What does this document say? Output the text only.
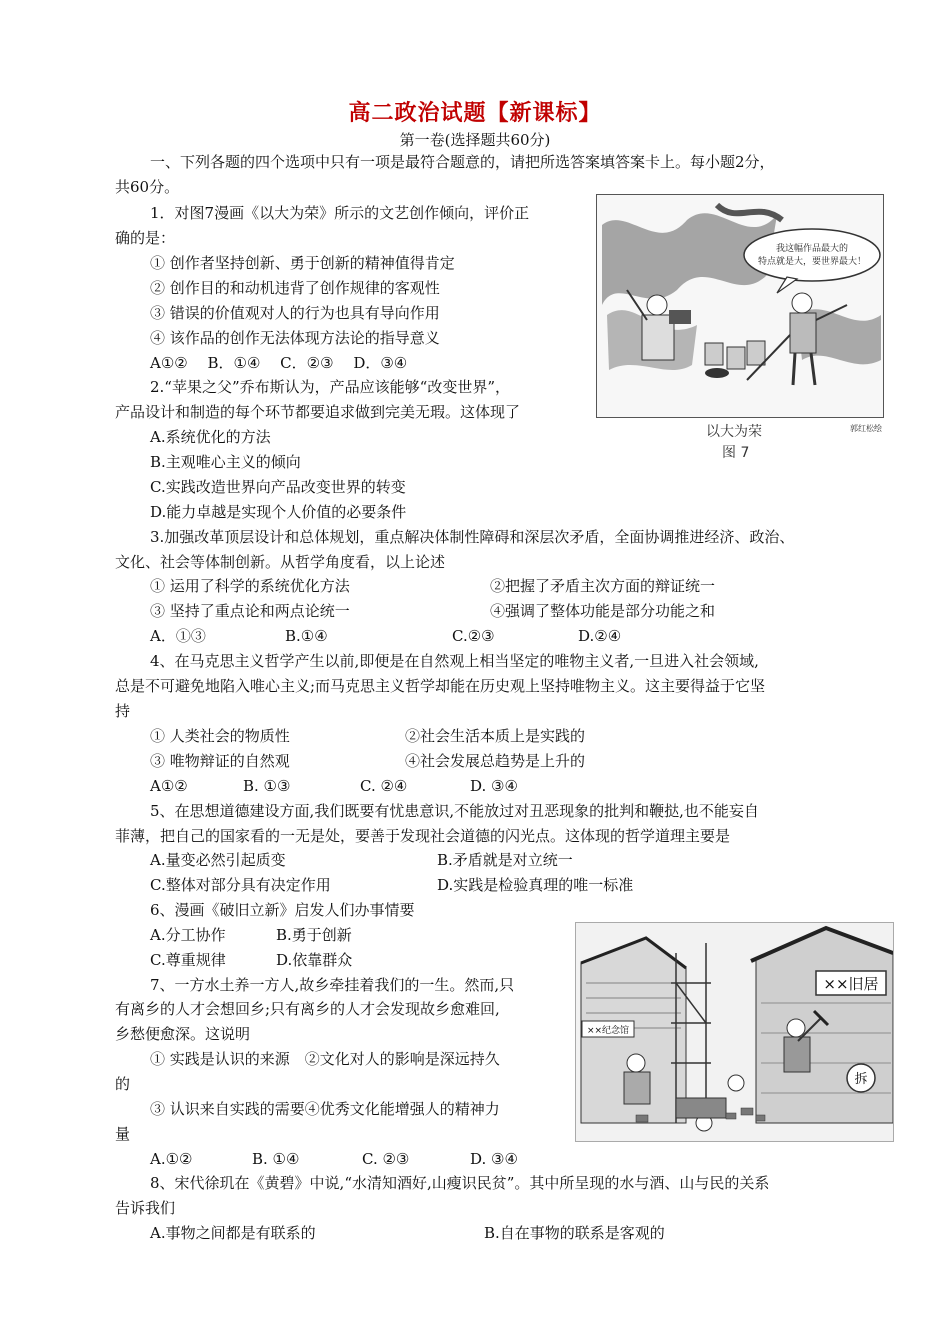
高二政治试题【新课标】
第一卷(选择题共60分)
一、下列各题的四个选项中只有一项是最符合题意的，请把所选答案填答案卡上。每小题2分，
共60分。
1．对图7漫画《以大为荣》所示的文艺创作倾向，评价正
确的是：
① 创作者坚持创新、勇于创新的精神值得肯定
② 创作目的和动机违背了创作规律的客观性
③ 错误的价值观对人的行为也具有导向作用
④ 该作品的创作无法体现方法论的指导意义
A①②　 B．①④　 C．②③　 D．③④
2.“苹果之父”乔布斯认为，产品应该能够“改变世界”，
产品设计和制造的每个环节都要追求做到完美无瑕。这体现了
A.系统优化的方法
B.主观唯心主义的倾向
C.实践改造世界向产品改变世界的转变
D.能力卓越是实现个人价值的必要条件
3.加强改革顶层设计和总体规划，重点解决体制性障碍和深层次矛盾，全面协调推进经济、政治、
文化、社会等体制创新。从哲学角度看，以上论述
① 运用了科学的系统优化方法	②把握了矛盾主次方面的辩证统一
③ 坚持了重点论和两点论统一	④强调了整体功能是部分功能之和
A．①③	B.①④	C.②③	D.②④
4、在马克思主义哲学产生以前,即便是在自然观上相当坚定的唯物主义者,一旦进入社会领域,
总是不可避免地陷入唯心主义;而马克思主义哲学却能在历史观上坚持唯物主义。这主要得益于它坚
持
① 人类社会的物质性	②社会生活本质上是实践的
③ 唯物辩证的自然观	④社会发展总趋势是上升的
A①②	B. ①③	C. ②④	D. ③④
5、在思想道德建设方面,我们既要有忧患意识,不能放过对丑恶现象的批判和鞭挞,也不能妄自
菲薄，把自己的国家看的一无是处，要善于发现社会道德的闪光点。这体现的哲学道理主要是
A.量变必然引起质变	B.矛盾就是对立统一
C.整体对部分具有决定作用	D.实践是检验真理的唯一标准
6、漫画《破旧立新》启发人们办事情要
A.分工协作	B.勇于创新
C.尊重规律	D.依靠群众
7、一方水土养一方人,故乡牵挂着我们的一生。然而,只
有离乡的人才会想回乡;只有离乡的人才会发现故乡愈难回,
乡愁便愈深。这说明
① 实践是认识的来源　②文化对人的影响是深远持久
的
③ 认识来自实践的需要④优秀文化能增强人的精神力
量
A.①②	B. ①④	C. ②③	D. ③④
8、宋代徐玑在《黄碧》中说,“水清知酒好,山瘦识民贫”。其中所呈现的水与酒、山与民的关系
告诉我们
A.事物之间都是有联系的	B.自在事物的联系是客观的
我这幅作品最大的
特点就是大，要世界最大！
以大为荣	郭红松绘
图 7
××纪念馆
××旧居
拆
